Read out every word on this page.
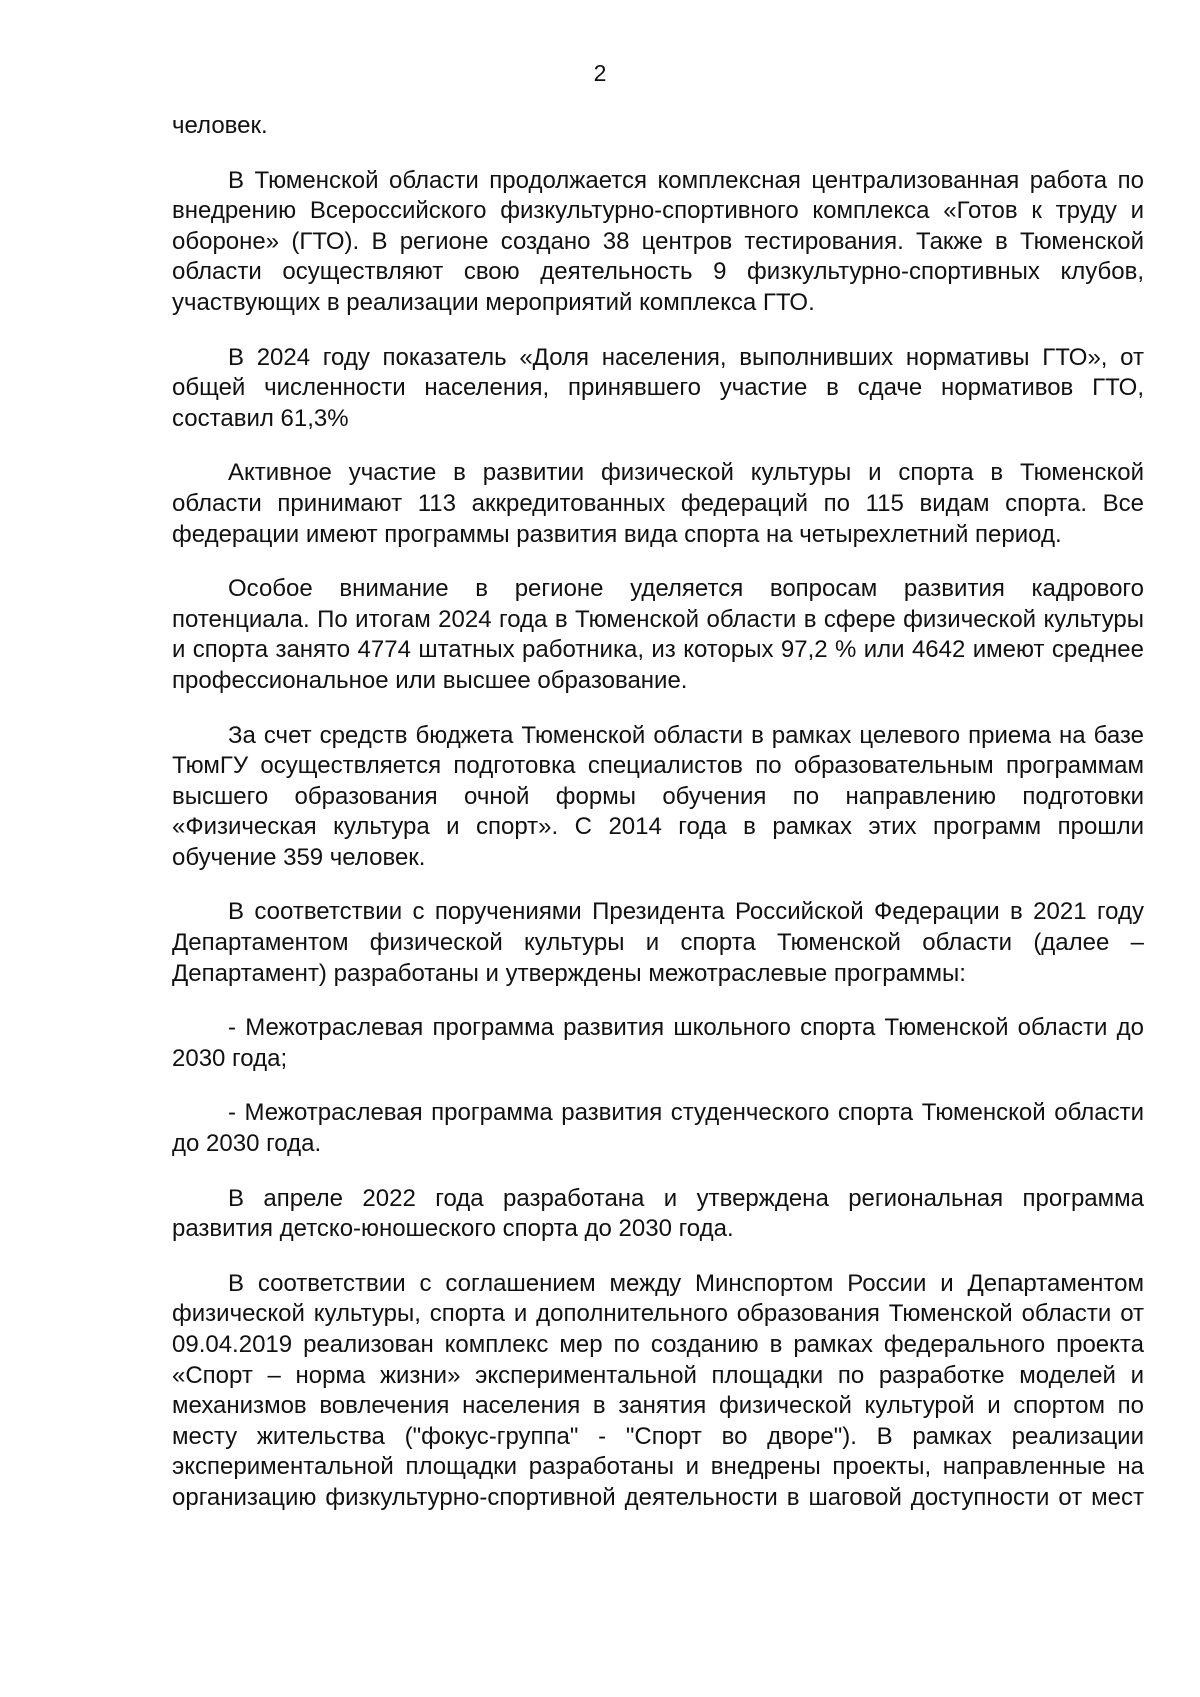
2

человек.

В Тюменской области продолжается комплексная централизованная работа по внедрению Всероссийского физкультурно-спортивного комплекса «Готов к труду и обороне» (ГТО). В регионе создано 38 центров тестирования. Также в Тюменской области осуществляют свою деятельность 9 физкультурно-спортивных клубов, участвующих в реализации мероприятий комплекса ГТО.

В 2024 году показатель «Доля населения, выполнивших нормативы ГТО», от общей численности населения, принявшего участие в сдаче нормативов ГТО, составил 61,3%

Активное участие в развитии физической культуры и спорта в Тюменской области принимают 113 аккредитованных федераций по 115 видам спорта. Все федерации имеют программы развития вида спорта на четырехлетний период.

Особое внимание в регионе уделяется вопросам развития кадрового потенциала. По итогам 2024 года в Тюменской области в сфере физической культуры и спорта занято 4774 штатных работника, из которых 97,2 % или 4642 имеют среднее профессиональное или высшее образование.

За счет средств бюджета Тюменской области в рамках целевого приема на базе ТюмГУ осуществляется подготовка специалистов по образовательным программам высшего образования очной формы обучения по направлению подготовки «Физическая культура и спорт». С 2014 года в рамках этих программ прошли обучение 359 человек.

В соответствии с поручениями Президента Российской Федерации в 2021 году Департаментом физической культуры и спорта Тюменской области (далее – Департамент) разработаны и утверждены межотраслевые программы:

- Межотраслевая программа развития школьного спорта Тюменской области до 2030 года;

- Межотраслевая программа развития студенческого спорта Тюменской области до 2030 года.

В апреле 2022 года разработана и утверждена региональная программа развития детско-юношеского спорта до 2030 года.

В соответствии с соглашением между Минспортом России и Департаментом физической культуры, спорта и дополнительного образования Тюменской области от 09.04.2019 реализован комплекс мер по созданию в рамках федерального проекта «Спорт – норма жизни» экспериментальной площадки по разработке моделей и механизмов вовлечения населения в занятия физической культурой и спортом по месту жительства ("фокус-группа" - "Спорт во дворе"). В рамках реализации экспериментальной площадки разработаны и внедрены проекты, направленные на организацию физкультурно-спортивной деятельности в шаговой доступности от мест
